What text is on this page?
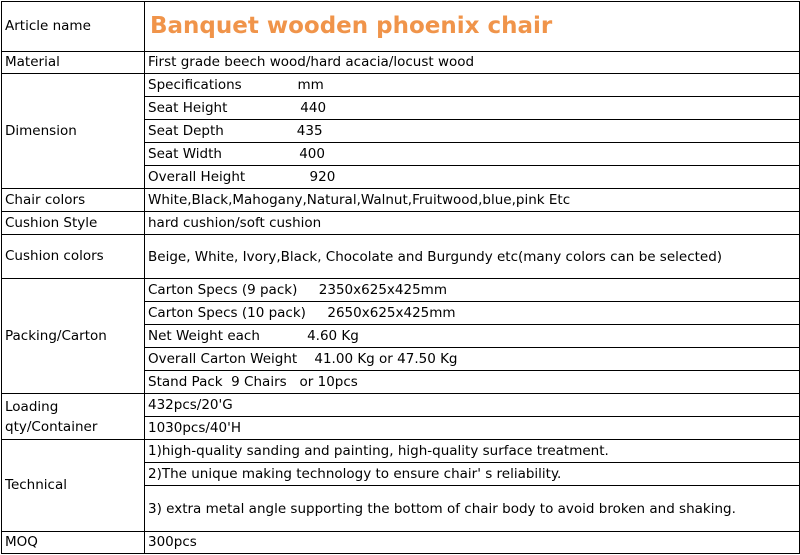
Article name	Banquet wooden phoenix chair
Material	First grade beech wood/hard acacia/locust wood
Dimension	Specifications             mm
	Seat Height                 440
	Seat Depth                 435
	Seat Width                  400
	Overall Height               920
Chair colors	White,Black,Mahogany,Natural,Walnut,Fruitwood,blue,pink Etc
Cushion Style	hard cushion/soft cushion
Cushion colors	Beige, White, Ivory,Black, Chocolate and Burgundy etc(many colors can be selected)
Packing/Carton	Carton Specs (9 pack)     2350x625x425mm
	Carton Specs (10 pack)     2650x625x425mm
	Net Weight each           4.60 Kg
	Overall Carton Weight    41.00 Kg or 47.50 Kg
	Stand Pack  9 Chairs   or 10pcs
Loading qty/Container	432pcs/20'G
	1030pcs/40'H
Technical	1)high-quality sanding and painting, high-quality surface treatment.
	2)The unique making technology to ensure chair' s reliability.
	3) extra metal angle supporting the bottom of chair body to avoid broken and shaking.
MOQ	300pcs
